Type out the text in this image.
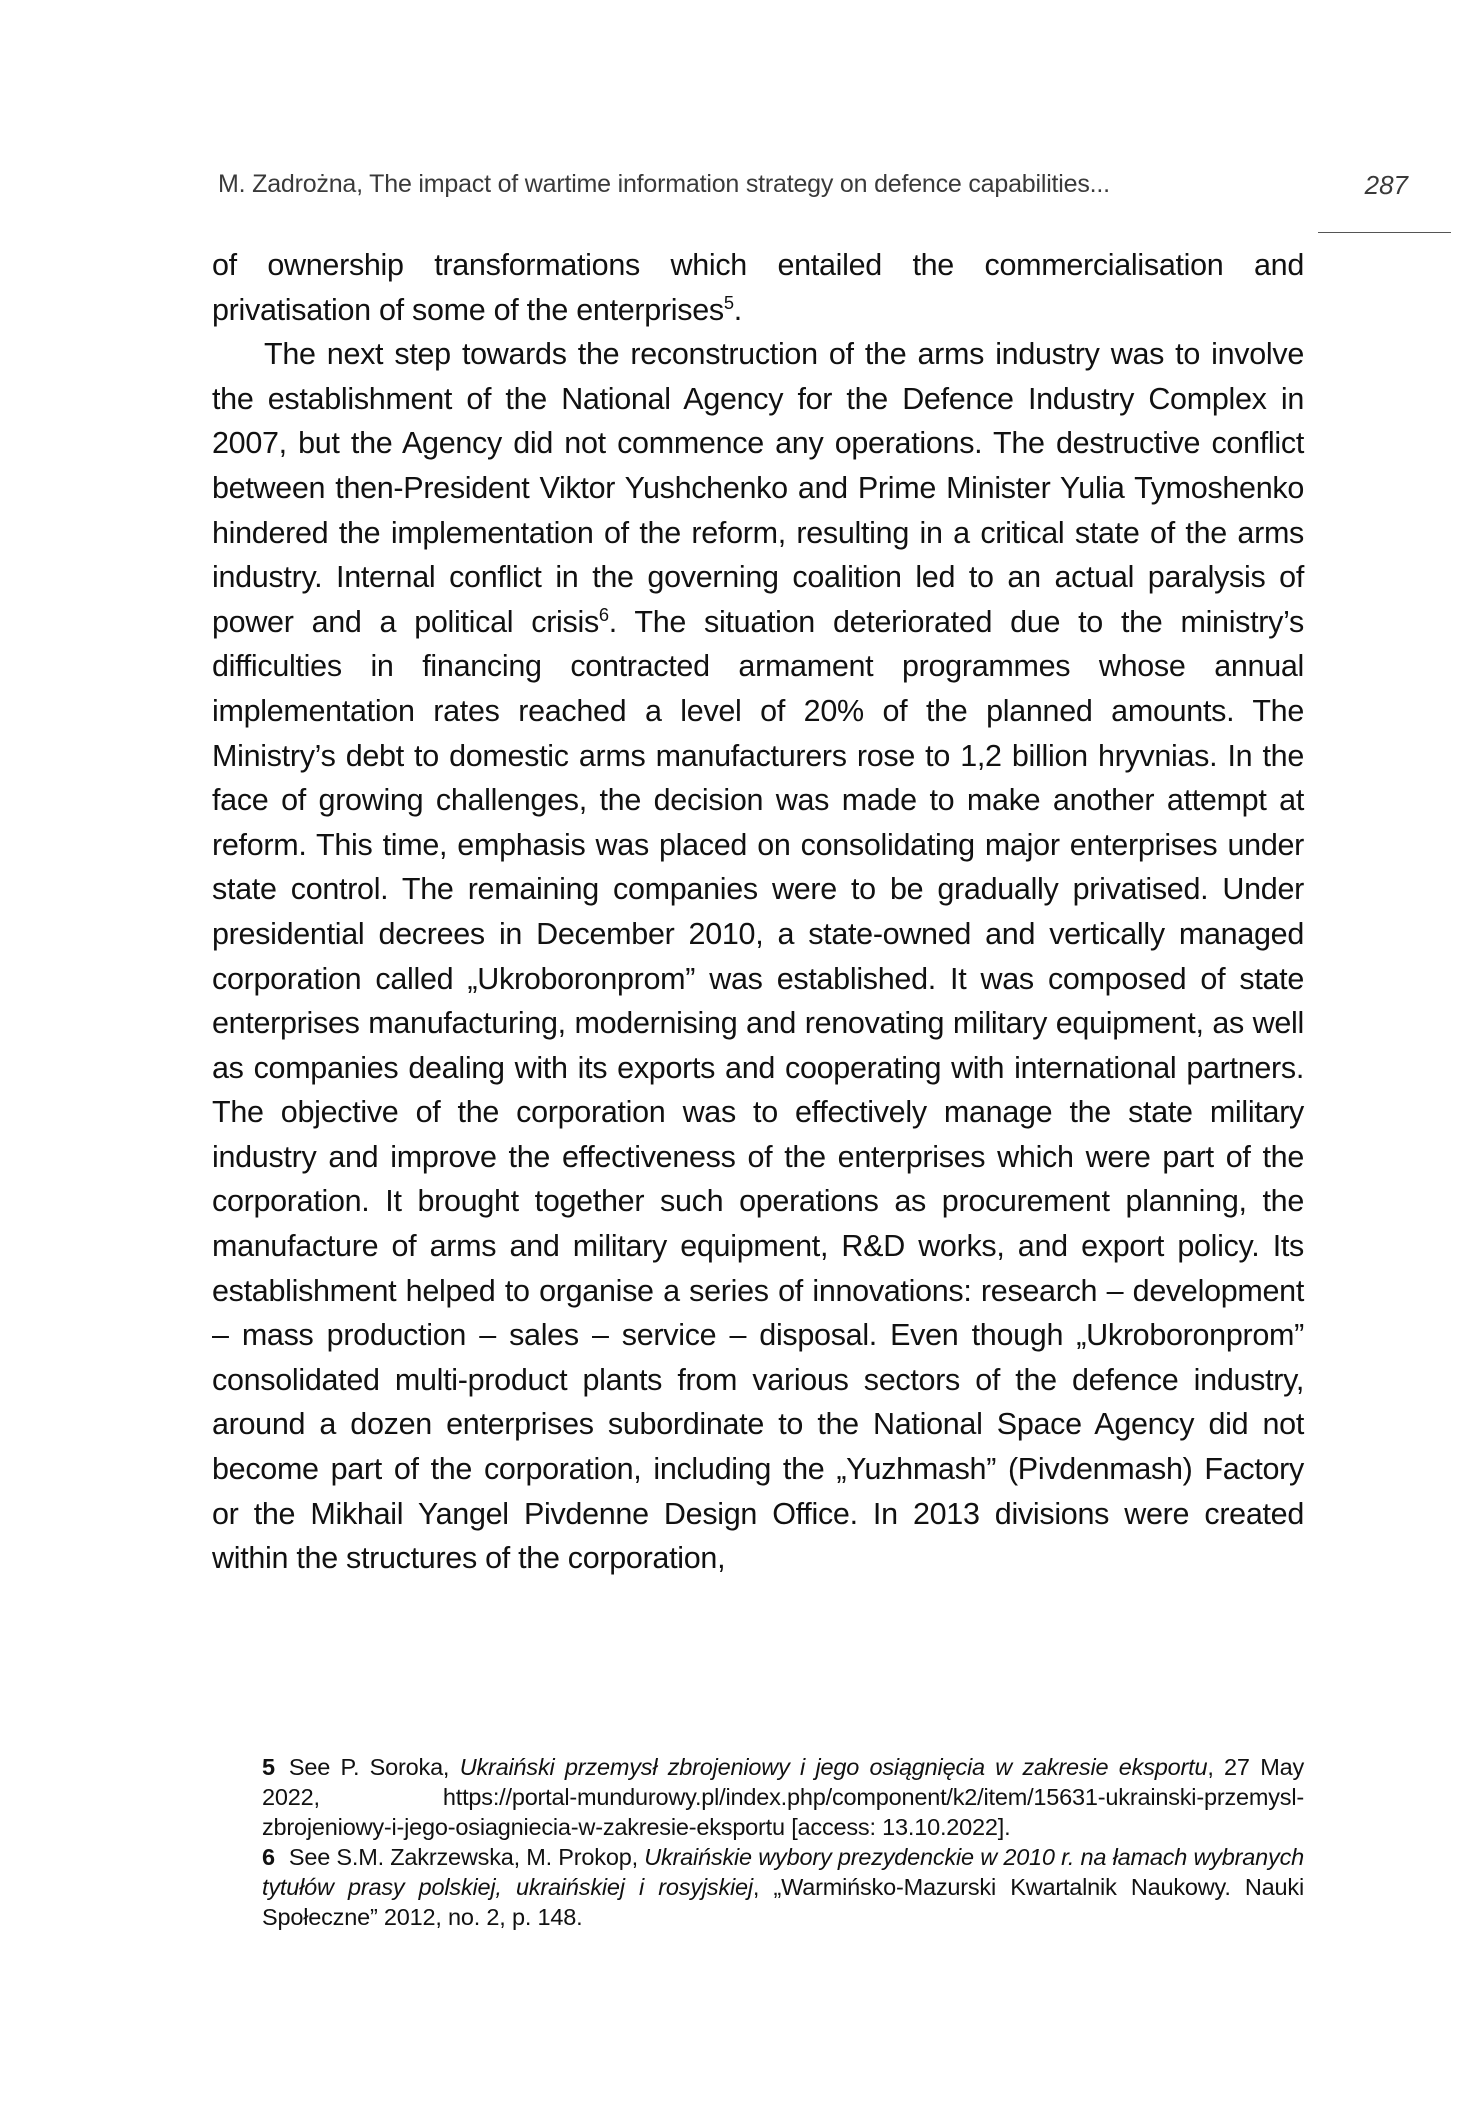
M. Zadrożna, The impact of wartime information strategy on defence capabilities...	287

of ownership transformations which entailed the commercialisation and privatisation of some of the enterprises$^5$.

The next step towards the reconstruction of the arms industry was to involve the establishment of the National Agency for the Defence Industry Complex in 2007, but the Agency did not commence any operations. The destructive conflict between then-President Viktor Yushchenko and Prime Minister Yulia Tymoshenko hindered the implementation of the reform, resulting in a critical state of the arms industry. Internal conflict in the governing coalition led to an actual paralysis of power and a political crisis$^6$. The situation deteriorated due to the ministry’s difficulties in financing contracted armament programmes whose annual implementation rates reached a level of 20% of the planned amounts. The Ministry’s debt to domestic arms manufacturers rose to 1,2 billion hryvnias. In the face of growing challenges, the decision was made to make another attempt at reform. This time, emphasis was placed on consolidating major enterprises under state control. The remaining companies were to be gradually privatised. Under presidential decrees in December 2010, a state-owned and vertically managed corporation called „Ukroboronprom” was established. It was composed of state enterprises manufacturing, modernising and renovating military equipment, as well as companies dealing with its exports and cooperating with international partners. The objective of the corporation was to effectively manage the state military industry and improve the effectiveness of the enterprises which were part of the corporation. It brought together such operations as procurement planning, the manufacture of arms and military equipment, R&D works, and export policy. Its establishment helped to organise a series of innovations: research – development – mass production – sales – service – disposal. Even though „Ukroboronprom” consolidated multi-product plants from various sectors of the defence industry, around a dozen enterprises subordinate to the National Space Agency did not become part of the corporation, including the „Yuzhmash” (Pivdenmash) Factory or the Mikhail Yangel Pivdenne Design Office. In 2013 divisions were created within the structures of the corporation,

5 See P. Soroka, Ukraiński przemysł zbrojeniowy i jego osiągnięcia w zakresie eksportu, 27 May 2022, https://portal-mundurowy.pl/index.php/component/k2/item/15631-ukrainski-przemysl-zbrojeniowy-i-jego-osiagniecia-w-zakresie-eksportu [access: 13.10.2022].

6 See S.M. Zakrzewska, M. Prokop, Ukraińskie wybory prezydenckie w 2010 r. na łamach wybranych tytułów prasy polskiej, ukraińskiej i rosyjskiej, „Warmińsko-Mazurski Kwartalnik Naukowy. Nauki Społeczne” 2012, no. 2, p. 148.
